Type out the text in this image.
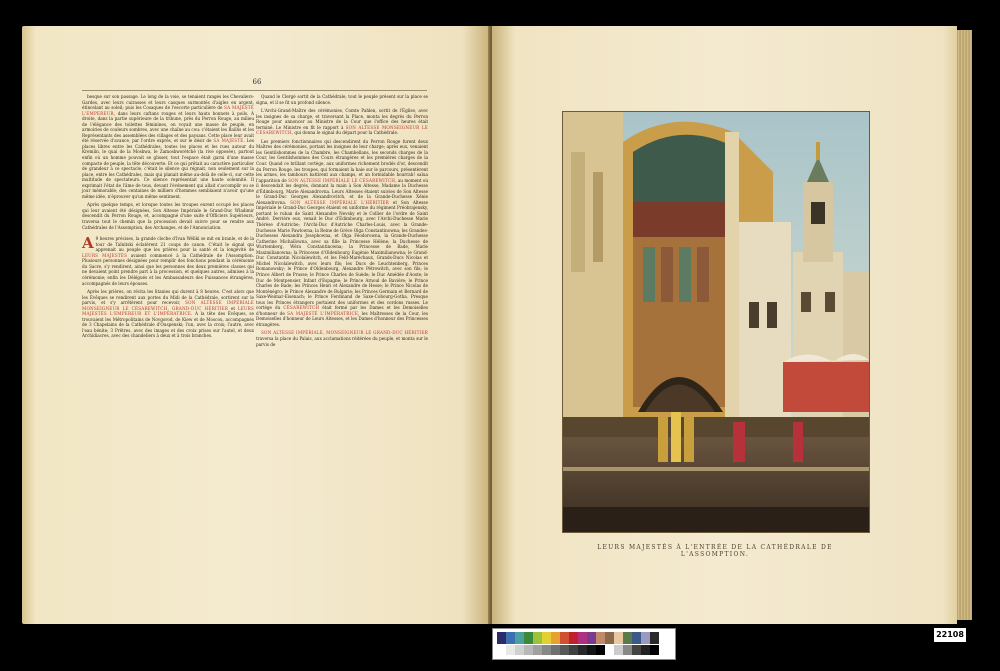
66

besque sur son passage. Le long de la voie, se tenaient rangés les Chevaliers-Gardes, avec leurs cuirasses et leurs casques surmontés d'aigles en argent, étincelant au soleil; puis les Cosaques de l'escorte particulière de SA MAJESTÉ L'EMPEREUR, dans leurs caftans rouges et leurs hauts bonnets à poils. À droite, dans la partie supérieure de la tribune, près du Perron Rouge, au milieu de l'élégance des toilettes féminines, on voyait une masse de peuple, en armoiries de couleurs sombres, avec une chaîne au cou: c'étaient les Baillis et les Représentants des assemblées des villages et des paysans. Cette place leur avait été réservée d'avance, par l'ordre exprès, et sur le désir de SA MAJESTÉ. Les places libres entre les Cathédrales, toutes les places et les rues autour du Kremlin, le quai de la Moskwa, le Zamoskworétché (la rive opposée), partout enfin où un homme pouvait se glisser, tout l'espace était garni d'une masse compacte de peuple, la tête découverte. Et ce qui prêtait au caractère particulier de grandeur à ce spectacle, c'était le silence qui régnait, non seulement sur la place, entre les Cathédrales, mais qui planait même au-delà de celle-ci, sur cette multitude de spectateurs. Ce silence représentait une haute solennité. Il exprimait l'état de l'âme de tous, devant l'événement qui allait s'accomplir ou se jour mémorable; des centaines de milliers d'hommes semblaient n'avoir qu'une même idée, n'éprouver qu'un même sentiment.

Après quelque temps, et lorsque toutes les troupes eurent occupé les places qui leur avaient été désignées, Son Altesse Impériale le Grand-Duc Wladimir descendit du Perron Rouge, et, accompagné d'une suite d'Officiers Supérieurs, traversa tout le chemin que la procession devait suivre pour se rendre aux Cathédrales de l'Assomption, des Archanges, et de l'Annonciation.

A 9 heures précises, la grande cloche d'Ivan Wéliki se mit en branle, et de la tour de Taïnitski éclatèrent 21 coups de canon. C'était le signal qui apprenait au peuple que les prières pour la santé et la longévité de LEURS MAJESTÉS avaient commencé à la Cathédrale de l'Assomption. Plusieurs personnes désignées pour remplir des fonctions pendant la cérémonie du Sacre, s'y rendirent, ainsi que les personnes des deux premières classes qui ne devaient point prendre part à la procession, et quelques autres, admises à la cérémonie; enfin les Délégués et les Ambassadeurs des Puissances étrangères, accompagnés de leurs épouses.

Après les prières, on récita les litanies qui durent à 8 heures. C'est alors que les Évêques se rendirent aux portes du Midi de la Cathédrale, sortirent sur le parvis, et s'y arrêtèrent pour recevoir, SON ALTESSE IMPÉRIALE MONSEIGNEUR LE CÉSAREWITCH, GRAND-DUC HÉRITIER et LEURS MAJESTÉS L'EMPEREUR ET L'IMPÉRATRICE. À la tête des Évêques, se trouvaient les Métropolitains de Novgorod, de Kiew et de Moscou, accompagnés de 3 Chapelains de la Cathédrale d'Ouspenski; l'un, avec la croix; l'autre, avec l'eau bénite; 3 Prêtres, avec des images et des croix prises sur l'autel, et deux Archidiacres, avec des chandeliers à deux et à trois branches.

Quand le Clergé sortit de la Cathédrale, tout le peuple présent sur la place se signa, et il se fit un profond silence.

L'Archi-Grand-Maître des cérémonies, Comte Pahlen, sortit de l'Église, avec les insignes de sa charge, et traversant la Place, monta les degrés du Perron Rouge pour annoncer au Ministre de la Cour que l'office des heures était terminé. Le Ministre en fit le rapport à SON ALTESSE MONSEIGNEUR LE CÉSAREWITCH, qui donna le signal du départ pour la Cathédrale.

Les premiers fonctionnaires qui descendirent du Perron Rouge furent deux Maîtres des cérémonies, portant les insignes de leur charge; après eux, venaient les Gentilshommes de la Chambre, les Chambellans, les seconds charges de la Cour, les Gentilshommes des Cours étrangères et les premières charges de la Cour. Quand ce brillant cortège, aux uniformes richement brodés d'or, descendit du Perron Rouge, les troupes, qui formaient la haie sur le parcours, présentèrent les armes, les tambours battirent aux champs, et un formidable hourrah! salua l'apparition de SON ALTESSE IMPÉRIALE LE CÉSAREWITCH, au moment où il descendait les degrés, donnant la main à Son Altesse, Madame la Duchesse d'Édimbourg, Marie Alexandrovna. Leurs Altesses étaient suivies de Son Altesse le Grand-Duc Georges Alexandrovitch, et de la Grande-Duchesse Xénie Alexandrovna. SON ALTESSE IMPÉRIALE L'HÉRITIER et Son Altesse Impériale le Grand-Duc Georges étaient en uniforme du régiment Préobrajensky, portant le ruban de Saint Alexandre Nevsky et le Collier de l'ordre de Saint André. Derrière eux, venait le Duc d'Édimbourg, avec l'Archi-Duchesse Marie Thérèse d'Autriche; l'Archi-Duc d'Autriche Charles-Louis, avec la Grande-Duchesse Marie Pawlowna; la Reine de Grèce Olga Constantinowna; les Grandes-Duchesses Alexandra Josephowna, et Olga Féodorowna, la Grande-Duchesse Catherine Michaïlowna, avec sa fille la Princesse Hélène; la Duchesse de Wurtemberg, Wéra Constantinowna; la Princesse de Bade, Marie Maximilianowna; la Princesse d'Oldenbourg Eugénie Maximilianowna; le Grand-Duc Constantin Nicolaïewitch, et les Feld-Maréchaux, Grands-Ducs Nicolas et Michel Nicolaïewitch, avec leurs fils; les Ducs de Leuchtenberg, Princes Romanowsky; le Prince d'Oldenbourg, Alexandre Pétrowitch, avec son fils; le Prince Albert de Prusse; le Prince Charles de Suède; le Duc Amédée d'Aoste; le Duc de Montpensier, Infant d'Espagne; le Prince Arnoul de Bavière; le Prince Charles de Bade; les Princes Henri et Alexandre de Hesse; le Prince Nicolas de Monténégro; le Prince Alexandre de Bulgarie; les Princes Germain et Bernard de Saxe-Weimar-Eisenach; le Prince Ferdinand de Saxe-Cobourg-Gotha. Presque tous les Princes étrangers portaient des uniformes et des cordons russes. Le cortège du CÉSAREWITCH était fermé par les Dames et les Demoiselles d'honneur de SA MAJESTÉ L'IMPÉRATRICE, les Maîtresses de la Cour, les Demoiselles d'honneur de Leurs Altesses, et les Dames d'honneur des Princesses étrangères.

SON ALTESSE IMPÉRIALE, MONSEIGNEUR LE GRAND-DUC HÉRITIER traversa la place du Palais, aux acclamations réitérées du peuple, et monta sur le parvis de

LEURS MAJESTÉS À L'ENTRÉE DE LA CATHÉDRALE DE L'ASSOMPTION.
22108
